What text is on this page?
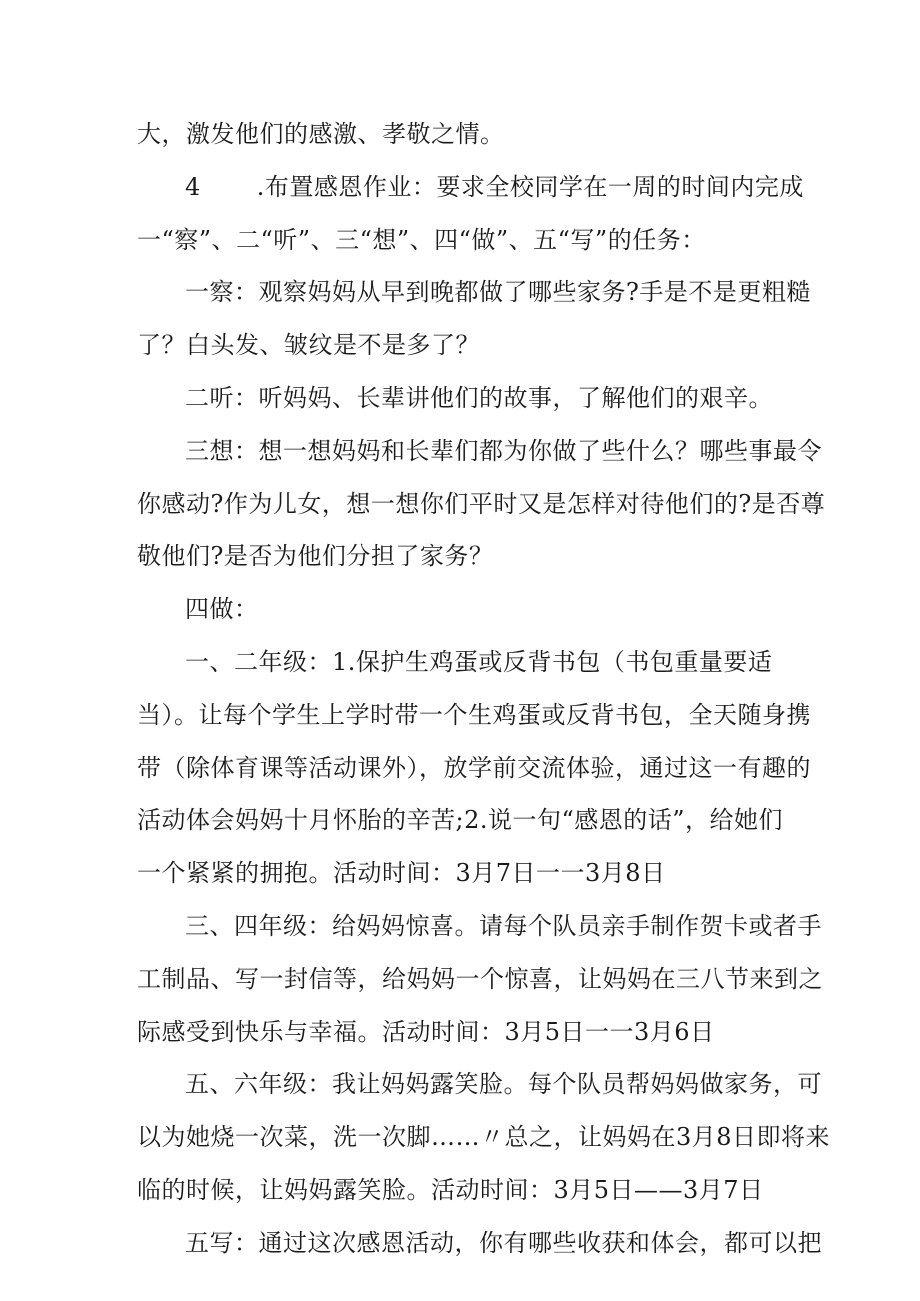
大，激发他们的感激、孝敬之情。
4 .布置感恩作业：要求全校同学在一周的时间内完成
一“察”、二“听”、三“想”、四“做”、五“写”的任务：
一察：观察妈妈从早到晚都做了哪些家务?手是不是更粗糙
了？白头发、皱纹是不是多了？
二听：听妈妈、长辈讲他们的故事，了解他们的艰辛。
三想：想一想妈妈和长辈们都为你做了些什么？哪些事最令
你感动?作为儿女，想一想你们平时又是怎样对待他们的?是否尊
敬他们?是否为他们分担了家务？
四做：
一、二年级：1.保护生鸡蛋或反背书包（书包重量要适
当）。让每个学生上学时带一个生鸡蛋或反背书包，全天随身携
带（除体育课等活动课外），放学前交流体验，通过这一有趣的
活动体会妈妈十月怀胎的辛苦;2.说一句“感恩的话”，给她们
一个紧紧的拥抱。活动时间：3月7日一一3月8日
三、四年级：给妈妈惊喜。请每个队员亲手制作贺卡或者手
工制品、写一封信等，给妈妈一个惊喜，让妈妈在三八节来到之
际感受到快乐与幸福。活动时间：3月5日一一3月6日
五、六年级：我让妈妈露笑脸。每个队员帮妈妈做家务，可
以为她烧一次菜，洗一次脚……〃总之，让妈妈在3月8日即将来
临的时候，让妈妈露笑脸。活动时间：3月5日——3月7日
五写：通过这次感恩活动，你有哪些收获和体会，都可以把
